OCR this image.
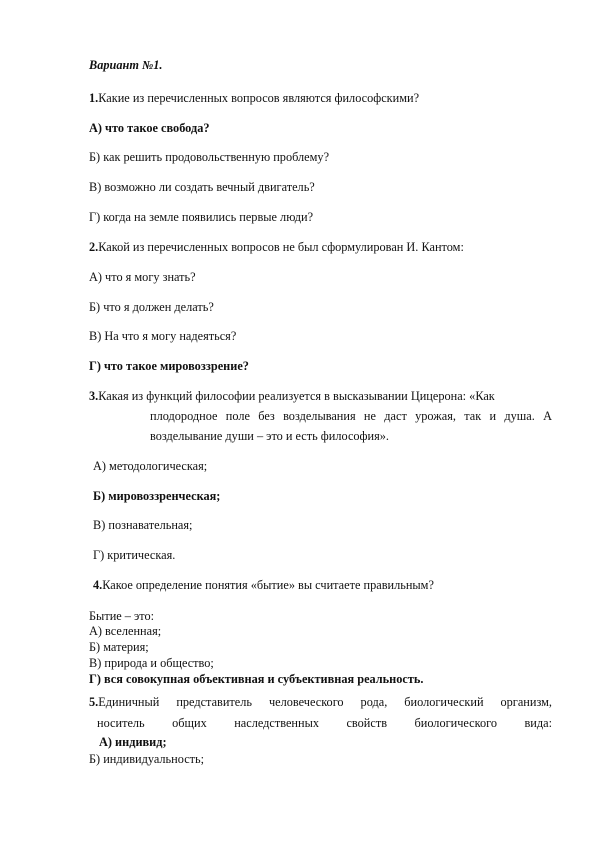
Вариант №1.
1.Какие из перечисленных вопросов являются философскими?
А) что такое свобода?
Б) как решить продовольственную проблему?
В) возможно ли создать вечный двигатель?
Г) когда на земле появились первые люди?
2.Какой из перечисленных вопросов не был сформулирован И. Кантом:
А) что я могу знать?
Б) что я должен делать?
В) На что я могу надеяться?
Г) что такое мировоззрение?
3.Какая из функций философии реализуется в высказывании Цицерона: «Как
плодородное поле без возделывания не даст урожая, так и душа. А
возделывание души – это и есть философия».
А) методологическая;
Б) мировоззренческая;
В) познавательная;
Г) критическая.
4.Какое определение понятия «бытие» вы считаете правильным?
Бытие – это:
А) вселенная;
Б) материя;
В) природа и общество;
Г) вся совокупная объективная и субъективная реальность.
5.Единичный представитель человеческого рода, биологический организм,
носитель общих наследственных свойств биологического вида:
А) индивид;
Б) индивидуальность;
